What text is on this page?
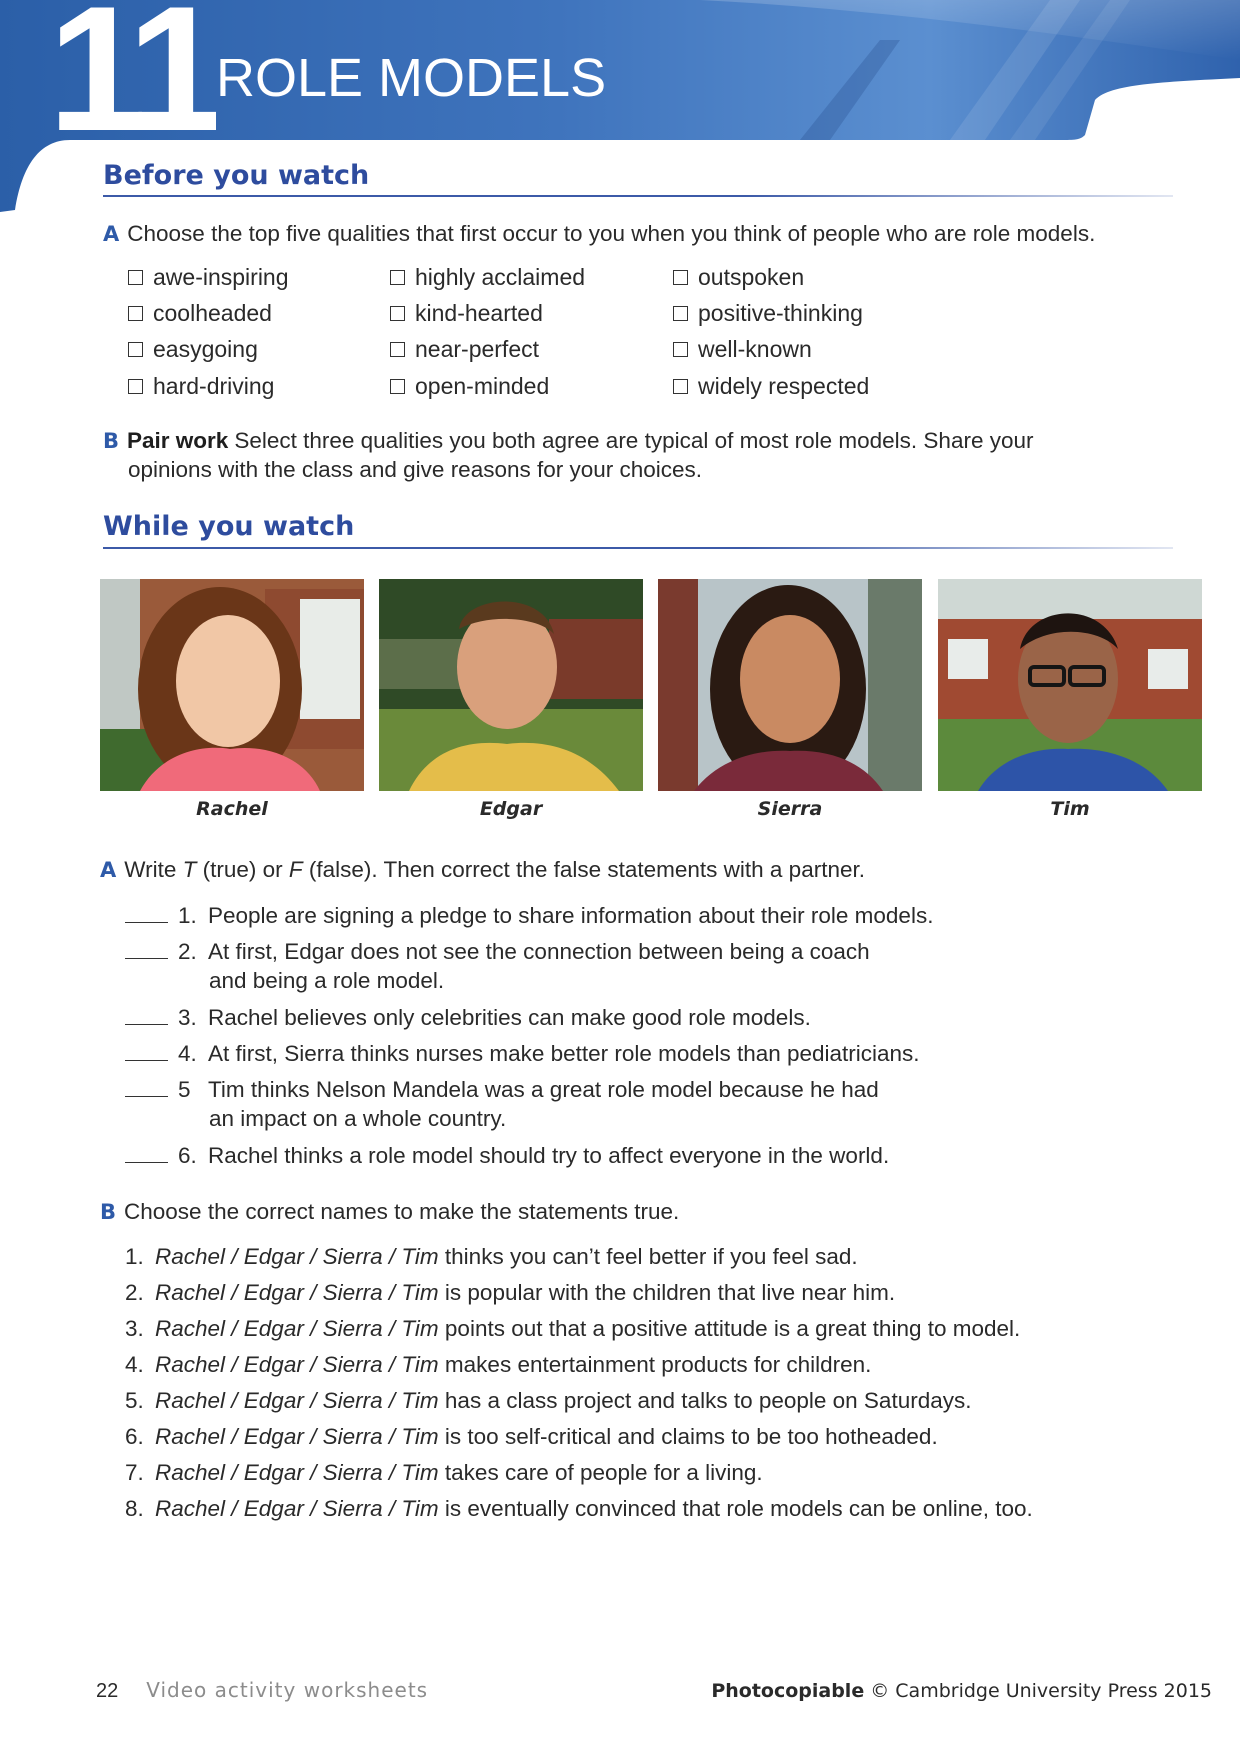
11 ROLE MODELS
Before you watch
A Choose the top five qualities that first occur to you when you think of people who are role models.
awe-inspiring
coolheaded
easygoing
hard-driving
highly acclaimed
kind-hearted
near-perfect
open-minded
outspoken
positive-thinking
well-known
widely respected
B Pair work Select three qualities you both agree are typical of most role models. Share your
opinions with the class and give reasons for your choices.
While you watch
Rachel	Edgar	Sierra	Tim
A Write T (true) or F (false). Then correct the false statements with a partner.
1. People are signing a pledge to share information about their role models.
2. At first, Edgar does not see the connection between being a coach
and being a role model.
3. Rachel believes only celebrities can make good role models.
4. At first, Sierra thinks nurses make better role models than pediatricians.
5 Tim thinks Nelson Mandela was a great role model because he had
an impact on a whole country.
6. Rachel thinks a role model should try to affect everyone in the world.
B Choose the correct names to make the statements true.
1. Rachel / Edgar / Sierra / Tim thinks you can’t feel better if you feel sad.
2. Rachel / Edgar / Sierra / Tim is popular with the children that live near him.
3. Rachel / Edgar / Sierra / Tim points out that a positive attitude is a great thing to model.
4. Rachel / Edgar / Sierra / Tim makes entertainment products for children.
5. Rachel / Edgar / Sierra / Tim has a class project and talks to people on Saturdays.
6. Rachel / Edgar / Sierra / Tim is too self-critical and claims to be too hotheaded.
7. Rachel / Edgar / Sierra / Tim takes care of people for a living.
8. Rachel / Edgar / Sierra / Tim is eventually convinced that role models can be online, too.
22 Video activity worksheets	Photocopiable © Cambridge University Press 2015
